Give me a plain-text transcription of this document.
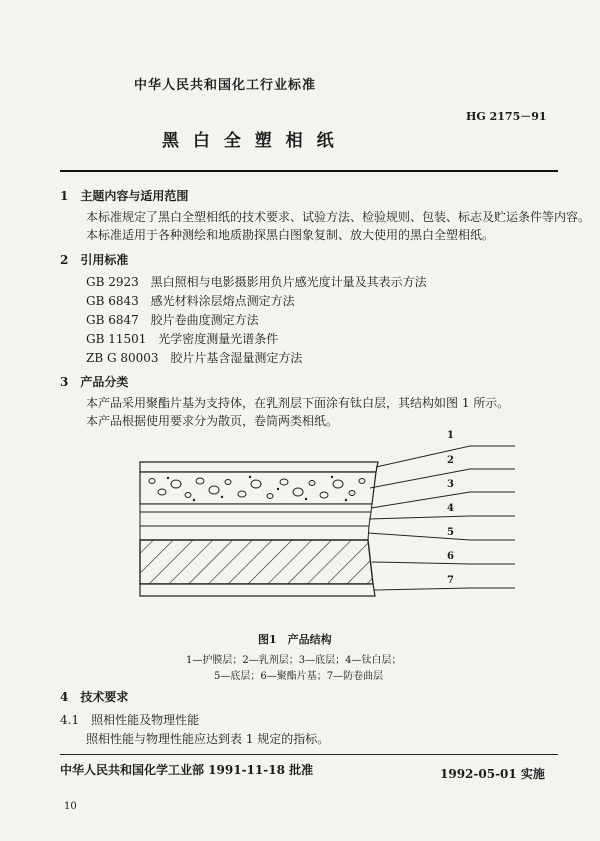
中华人民共和国化工行业标准
HG 2175－91
黑 白 全 塑 相 纸
1　主题内容与适用范围
本标准规定了黑白全塑相纸的技术要求、试验方法、检验规则、包装、标志及贮运条件等内容。
本标准适用于各种测绘和地质勘探黑白图象复制、放大使用的黑白全塑相纸。
2　引用标准
GB 2923 黑白照相与电影摄影用负片感光度计量及其表示方法
GB 6843 感光材料涂层熔点测定方法
GB 6847 胶片卷曲度测定方法
GB 11501 光学密度测量光谱条件
ZB G 80003 胶片片基含湿量测定方法
3　产品分类
本产品采用聚酯片基为支持体，在乳剂层下面涂有钛白层，其结构如图 1 所示。
本产品根据使用要求分为散页，卷筒两类相纸。
1
2
3
4
5
6
7
图1　产品结构
1—护膜层；2—乳剂层；3—底层；4—钛白层；
5—底层；6—聚酯片基；7—防卷曲层
4　技术要求
4.1　照相性能及物理性能
照相性能与物理性能应达到表 1 规定的指标。
中华人民共和国化学工业部 1991-11-18 批准	1992-05-01 实施
10
